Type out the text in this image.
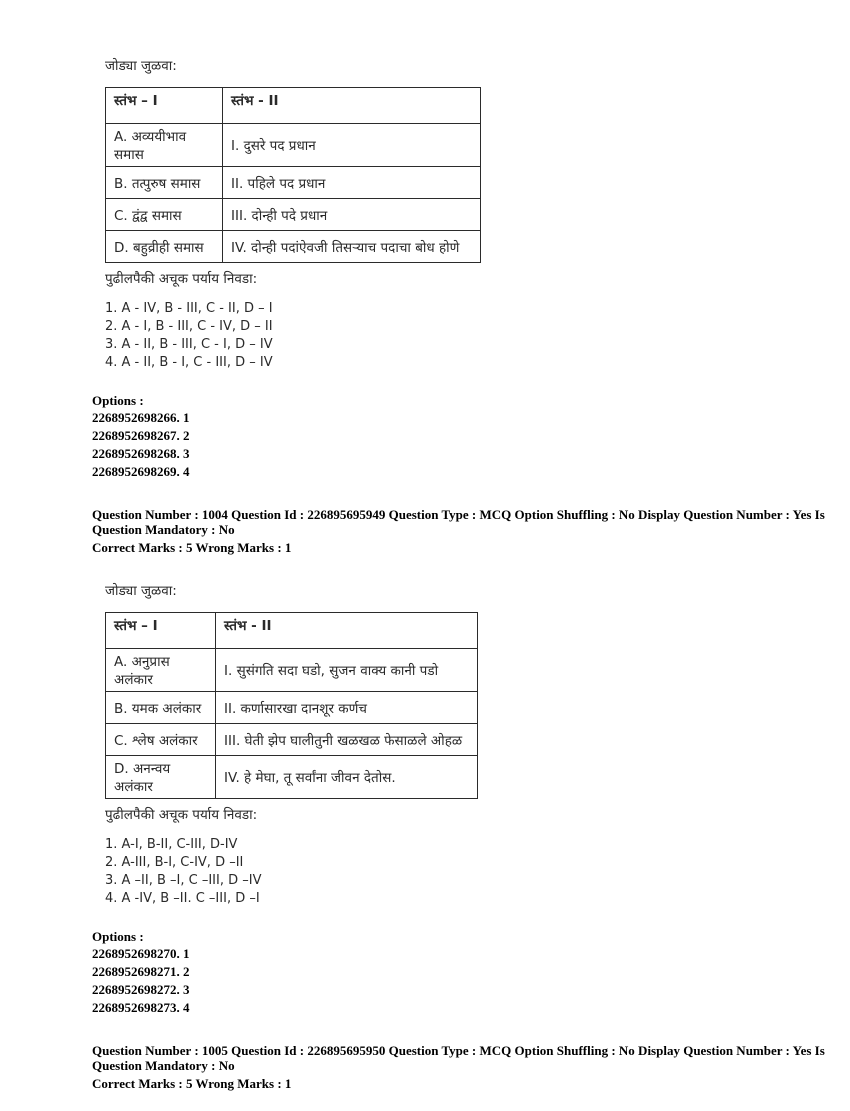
जोड्या जुळवा:

स्तंभ – I	स्तंभ - II
A. अव्ययीभाव समास	I. दुसरे पद प्रधान
B. तत्पुरुष समास	II. पहिले पद प्रधान
C. द्वंद्व समास	III. दोन्ही पदे प्रधान
D. बहुव्रीही समास	IV. दोन्ही पदांऐवजी तिसऱ्याच पदाचा बोध होणे

पुढीलपैकी अचूक पर्याय निवडा:

1. A - IV, B - III, C - II, D – I

2. A - I, B - III, C - IV, D – II

3. A - II, B - III, C - I, D – IV

4. A - II, B - I, C - III, D – IV

Options :

2268952698266. 1

2268952698267. 2

2268952698268. 3

2268952698269. 4

Question Number : 1004 Question Id : 226895695949 Question Type : MCQ Option Shuffling : No Display Question Number : Yes Is

Question Mandatory : No

Correct Marks : 5 Wrong Marks : 1

जोड्या जुळवा:

स्तंभ – I	स्तंभ - II
A. अनुप्रास अलंकार	I. सुसंगति सदा घडो, सुजन वाक्य कानी पडो
B. यमक अलंकार	II. कर्णासारखा दानशूर कर्णच
C. श्लेष अलंकार	III. घेती झेप घालीतुनी खळखळ फेसाळले ओहळ
D. अनन्वय अलंकार	IV. हे मेघा, तू सर्वांना जीवन देतोस.

पुढीलपैकी अचूक पर्याय निवडा:

1. A-I, B-II, C-III, D-IV

2. A-III, B-I, C-IV, D –II

3. A –II, B –I, C –III, D –IV

4. A -IV, B –II. C –III, D –I

Options :

2268952698270. 1

2268952698271. 2

2268952698272. 3

2268952698273. 4

Question Number : 1005 Question Id : 226895695950 Question Type : MCQ Option Shuffling : No Display Question Number : Yes Is

Question Mandatory : No

Correct Marks : 5 Wrong Marks : 1
